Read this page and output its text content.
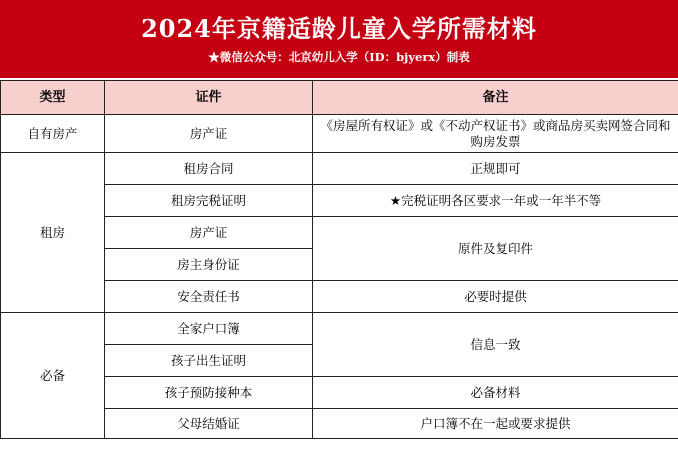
2024年京籍适龄儿童入学所需材料
★微信公众号：北京幼儿入学（ID：bjyerx）制表
类型	证件	备注
自有房产	房产证	《房屋所有权证》或《不动产权证书》或商品房买卖网签合同和购房发票
租房	租房合同	正规即可
	租房完税证明	★完税证明各区要求一年或一年半不等
	房产证	原件及复印件
	房主身份证	
	安全责任书	必要时提供
必备	全家户口簿	信息一致
	孩子出生证明	
	孩子预防接种本	必备材料
	父母结婚证	户口簿不在一起或要求提供
